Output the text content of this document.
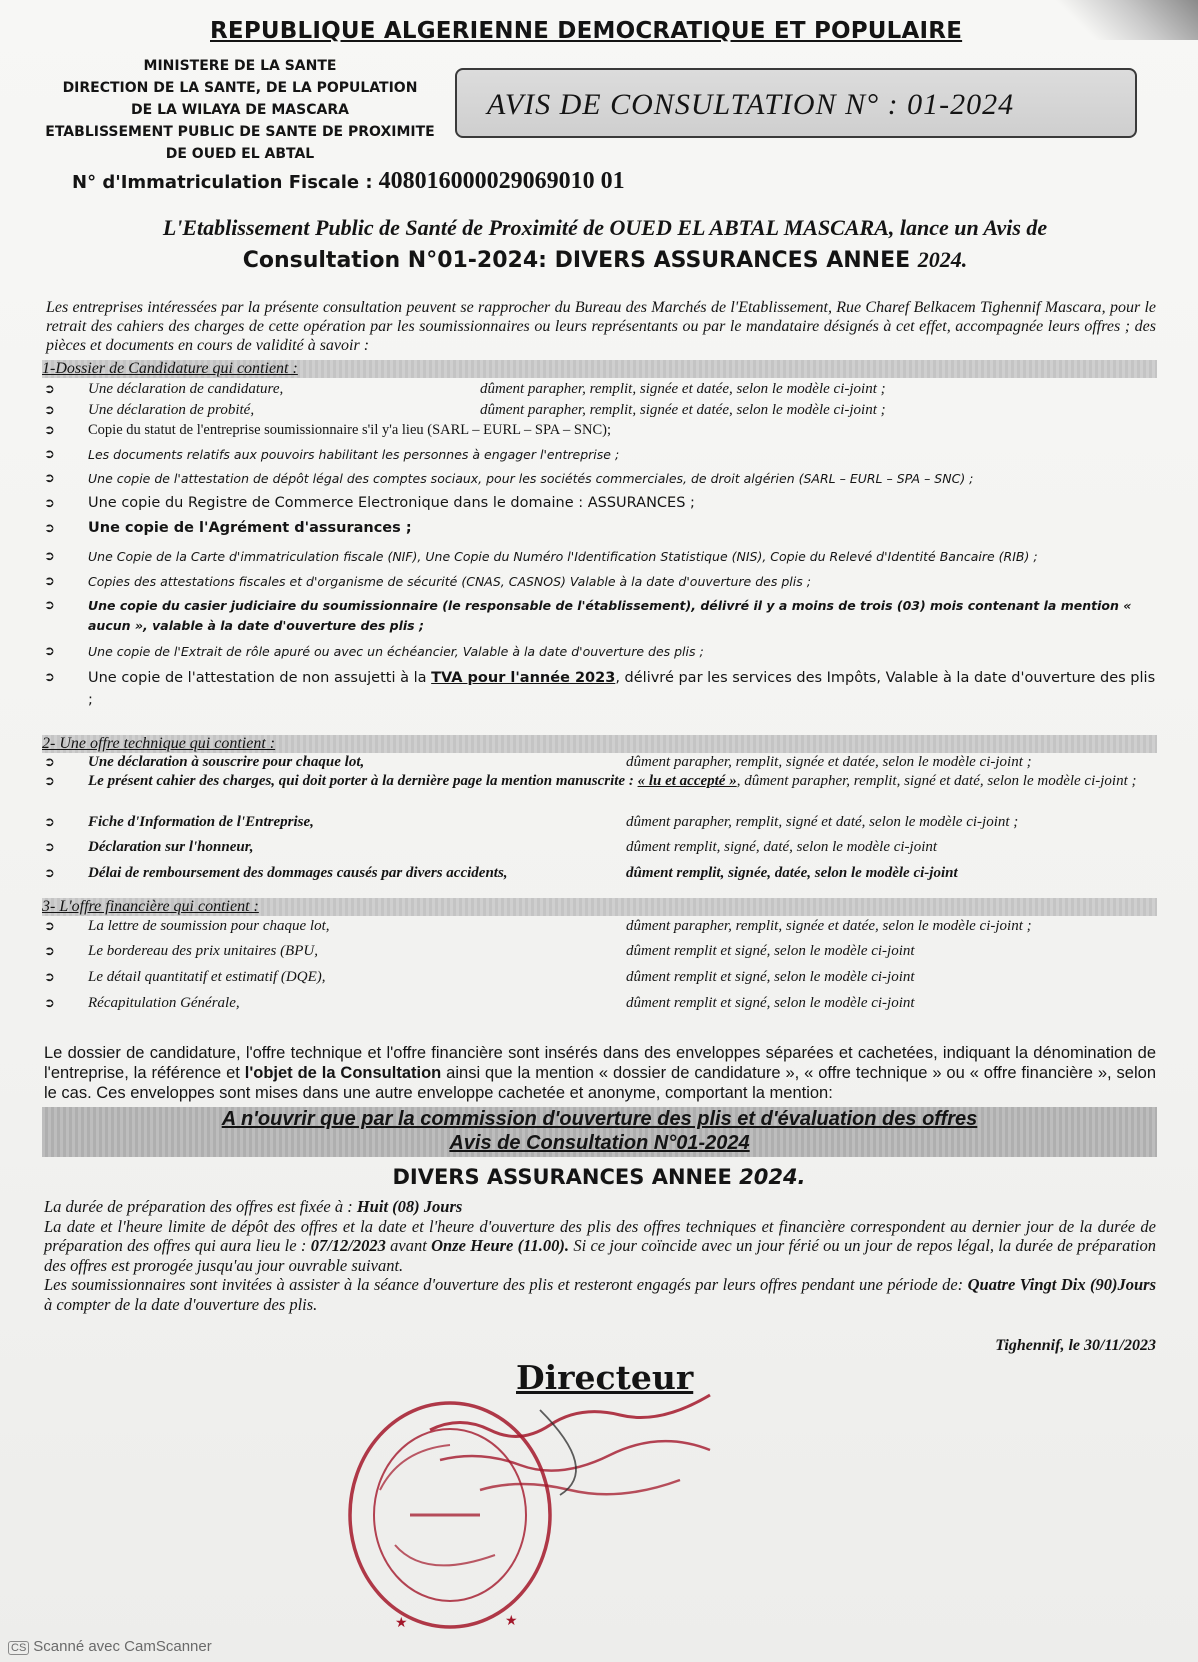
REPUBLIQUE ALGERIENNE DEMOCRATIQUE ET POPULAIRE
MINISTERE DE LA SANTE
DIRECTION DE LA SANTE, DE LA POPULATION
DE LA WILAYA DE MASCARA
ETABLISSEMENT PUBLIC DE SANTE DE PROXIMITE
DE OUED EL ABTAL
AVIS DE CONSULTATION N° : 01-2024
N° d'Immatriculation Fiscale : 408016000029069010 01
L'Etablissement Public de Santé de Proximité de OUED EL ABTAL MASCARA, lance un Avis de
Consultation N°01-2024: DIVERS ASSURANCES ANNEE 2024.
Les entreprises intéressées par la présente consultation peuvent se rapprocher du Bureau des Marchés de l'Etablissement, Rue Charef Belkacem Tighennif Mascara, pour le retrait des cahiers des charges de cette opération par les soumissionnaires ou leurs représentants ou par le mandataire désignés à cet effet, accompagnée leurs offres ; des pièces et documents en cours de validité à savoir :
1-Dossier de Candidature qui contient :
➲ Une déclaration de candidature,	dûment parapher, remplit, signée et datée, selon le modèle ci-joint ;
➲ Une déclaration de probité,	dûment parapher, remplit, signée et datée, selon le modèle ci-joint ;
➲ Copie du statut de l'entreprise soumissionnaire s'il y'a lieu (SARL – EURL – SPA – SNC);
➲	Les documents relatifs aux pouvoirs habilitant les personnes à engager l'entreprise ;
➲	Une copie de l'attestation de dépôt légal des comptes sociaux, pour les sociétés commerciales, de droit algérien (SARL – EURL – SPA – SNC) ;
➲ Une copie du Registre de Commerce Electronique dans le domaine : ASSURANCES ;
➲ Une copie de l'Agrément d'assurances ;
➲	Une Copie de la Carte d'immatriculation fiscale (NIF), Une Copie du Numéro l'Identification Statistique (NIS), Copie du Relevé d'Identité Bancaire (RIB) ;
➲	Copies des attestations fiscales et d'organisme de sécurité (CNAS, CASNOS) Valable à la date d'ouverture des plis ;
➲	Une copie du casier judiciaire du soumissionnaire (le responsable de l'établissement), délivré il y a moins de trois (03) mois contenant la mention « aucun », valable à la date d'ouverture des plis ;
➲	Une copie de l'Extrait de rôle apuré ou avec un échéancier, Valable à la date d'ouverture des plis ;
➲ Une copie de l'attestation de non assujetti à la TVA pour l'année 2023, délivré par les services des Impôts, Valable à la date d'ouverture des plis ;
2- Une offre technique qui contient :
➲ Une déclaration à souscrire pour chaque lot,	dûment parapher, remplit, signée et datée, selon le modèle ci-joint ;
➲ Le présent cahier des charges, qui doit porter à la dernière page la mention manuscrite : « lu et accepté », dûment parapher, remplit, signé et daté, selon le modèle ci-joint ;
➲ Fiche d'Information de l'Entreprise,	dûment parapher, remplit, signé et daté, selon le modèle ci-joint ;
➲ Déclaration sur l'honneur,	dûment remplit, signé, daté, selon le modèle ci-joint
➲ Délai de remboursement des dommages causés par divers accidents,	dûment remplit, signée, datée, selon le modèle ci-joint
3- L'offre financière qui contient :
➲ La lettre de soumission pour chaque lot,	dûment parapher, remplit, signée et datée, selon le modèle ci-joint ;
➲ Le bordereau des prix unitaires (BPU,	dûment remplit et signé, selon le modèle ci-joint
➲ Le détail quantitatif et estimatif (DQE),	dûment remplit et signé, selon le modèle ci-joint
➲ Récapitulation Générale,	dûment remplit et signé, selon le modèle ci-joint
Le dossier de candidature, l'offre technique et l'offre financière sont insérés dans des enveloppes séparées et cachetées, indiquant la dénomination de l'entreprise, la référence et l'objet de la Consultation ainsi que la mention « dossier de candidature », « offre technique » ou « offre financière », selon le cas. Ces enveloppes sont mises dans une autre enveloppe cachetée et anonyme, comportant la mention:
A n'ouvrir que par la commission d'ouverture des plis et d'évaluation des offres
Avis de Consultation N°01-2024
DIVERS ASSURANCES ANNEE 2024.
La durée de préparation des offres est fixée à : Huit (08) Jours
La date et l'heure limite de dépôt des offres et la date et l'heure d'ouverture des plis des offres techniques et financière correspondent au dernier jour de la durée de préparation des offres qui aura lieu le : 07/12/2023 avant Onze Heure (11.00). Si ce jour coïncide avec un jour férié ou un jour de repos légal, la durée de préparation des offres est prorogée jusqu'au jour ouvrable suivant.
Les soumissionnaires sont invitées à assister à la séance d'ouverture des plis et resteront engagés par leurs offres pendant une période de: Quatre Vingt Dix (90)Jours à compter de la date d'ouverture des plis.
Tighennif, le 30/11/2023
Directeur
★	★
CS Scanné avec CamScanner
